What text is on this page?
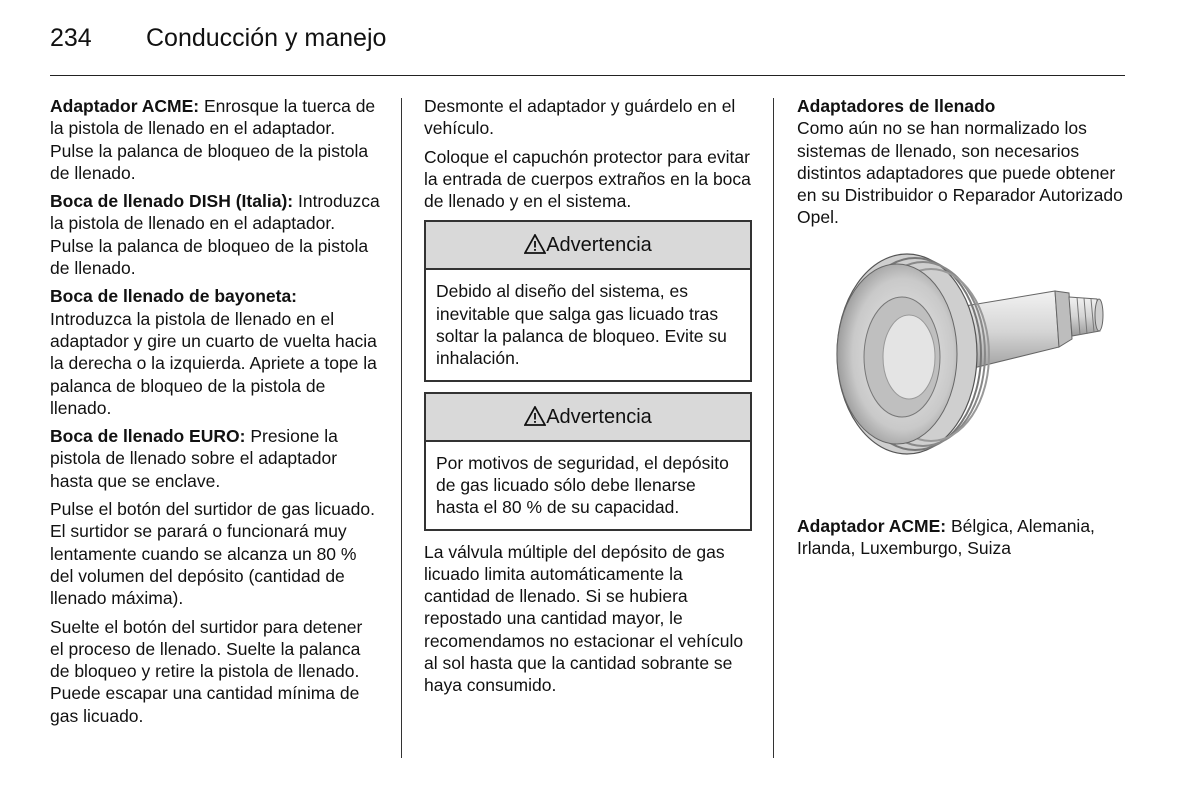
234 Conducción y manejo

Adaptador ACME: Enrosque la tuerca de la pistola de llenado en el adaptador. Pulse la palanca de bloqueo de la pistola de llenado.

Boca de llenado DISH (Italia): Introduzca la pistola de llenado en el adaptador. Pulse la palanca de bloqueo de la pistola de llenado.

Boca de llenado de bayoneta: Introduzca la pistola de llenado en el adaptador y gire un cuarto de vuelta hacia la derecha o la izquierda. Apriete a tope la palanca de bloqueo de la pistola de llenado.

Boca de llenado EURO: Presione la pistola de llenado sobre el adaptador hasta que se enclave.

Pulse el botón del surtidor de gas licuado. El surtidor se parará o funcionará muy lentamente cuando se alcanza un 80 % del volumen del depósito (cantidad de llenado máxima).

Suelte el botón del surtidor para detener el proceso de llenado. Suelte la palanca de bloqueo y retire la pistola de llenado. Puede escapar una cantidad mínima de gas licuado.

Desmonte el adaptador y guárdelo en el vehículo.

Coloque el capuchón protector para evitar la entrada de cuerpos extraños en la boca de llenado y en el sistema.

Advertencia
Debido al diseño del sistema, es inevitable que salga gas licuado tras soltar la palanca de bloqueo. Evite su inhalación.
Advertencia
Por motivos de seguridad, el depósito de gas licuado sólo debe llenarse hasta el 80 % de su capacidad.

La válvula múltiple del depósito de gas licuado limita automáticamente la cantidad de llenado. Si se hubiera repostado una cantidad mayor, le recomendamos no estacionar el vehículo al sol hasta que la cantidad sobrante se haya consumido.

Adaptadores de llenado

Como aún no se han normalizado los sistemas de llenado, son necesarios distintos adaptadores que puede obtener en su Distribuidor o Reparador Autorizado Opel.

Adaptador ACME: Bélgica, Alemania, Irlanda, Luxemburgo, Suiza
